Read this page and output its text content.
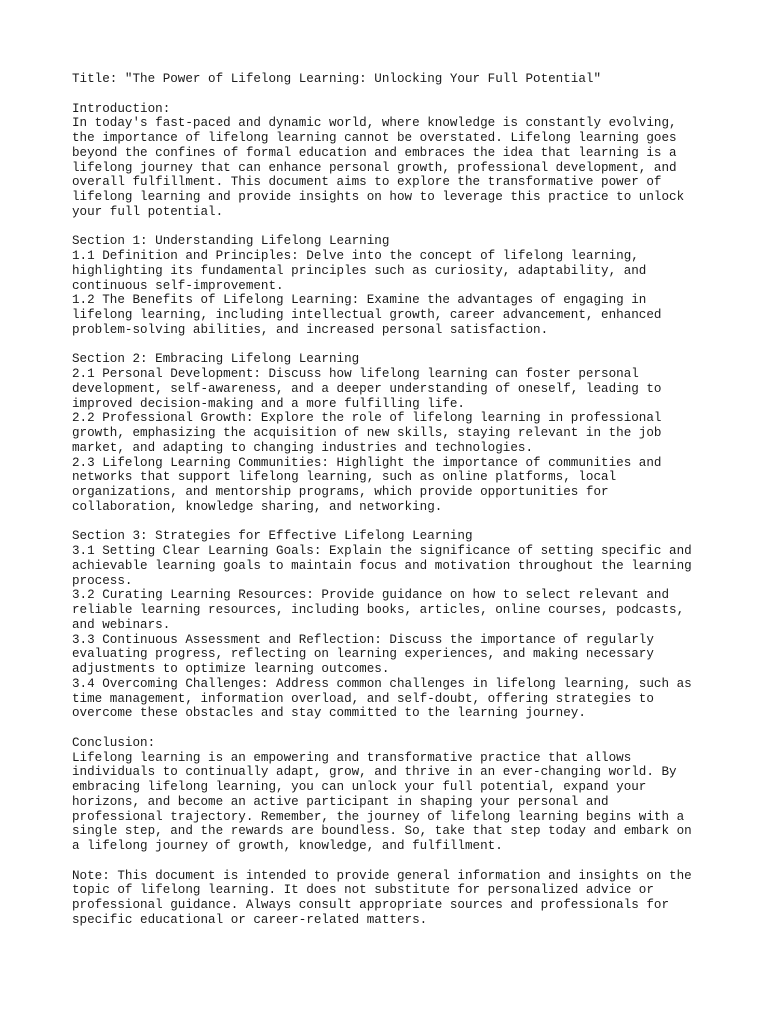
Title: "The Power of Lifelong Learning: Unlocking Your Full Potential"
Introduction:
In today's fast-paced and dynamic world, where knowledge is constantly evolving,
the importance of lifelong learning cannot be overstated. Lifelong learning goes
beyond the confines of formal education and embraces the idea that learning is a
lifelong journey that can enhance personal growth, professional development, and
overall fulfillment. This document aims to explore the transformative power of
lifelong learning and provide insights on how to leverage this practice to unlock
your full potential.
Section 1: Understanding Lifelong Learning
1.1 Definition and Principles: Delve into the concept of lifelong learning,
highlighting its fundamental principles such as curiosity, adaptability, and
continuous self-improvement.
1.2 The Benefits of Lifelong Learning: Examine the advantages of engaging in
lifelong learning, including intellectual growth, career advancement, enhanced
problem-solving abilities, and increased personal satisfaction.
Section 2: Embracing Lifelong Learning
2.1 Personal Development: Discuss how lifelong learning can foster personal
development, self-awareness, and a deeper understanding of oneself, leading to
improved decision-making and a more fulfilling life.
2.2 Professional Growth: Explore the role of lifelong learning in professional
growth, emphasizing the acquisition of new skills, staying relevant in the job
market, and adapting to changing industries and technologies.
2.3 Lifelong Learning Communities: Highlight the importance of communities and
networks that support lifelong learning, such as online platforms, local
organizations, and mentorship programs, which provide opportunities for
collaboration, knowledge sharing, and networking.
Section 3: Strategies for Effective Lifelong Learning
3.1 Setting Clear Learning Goals: Explain the significance of setting specific and
achievable learning goals to maintain focus and motivation throughout the learning
process.
3.2 Curating Learning Resources: Provide guidance on how to select relevant and
reliable learning resources, including books, articles, online courses, podcasts,
and webinars.
3.3 Continuous Assessment and Reflection: Discuss the importance of regularly
evaluating progress, reflecting on learning experiences, and making necessary
adjustments to optimize learning outcomes.
3.4 Overcoming Challenges: Address common challenges in lifelong learning, such as
time management, information overload, and self-doubt, offering strategies to
overcome these obstacles and stay committed to the learning journey.
Conclusion:
Lifelong learning is an empowering and transformative practice that allows
individuals to continually adapt, grow, and thrive in an ever-changing world. By
embracing lifelong learning, you can unlock your full potential, expand your
horizons, and become an active participant in shaping your personal and
professional trajectory. Remember, the journey of lifelong learning begins with a
single step, and the rewards are boundless. So, take that step today and embark on
a lifelong journey of growth, knowledge, and fulfillment.
Note: This document is intended to provide general information and insights on the
topic of lifelong learning. It does not substitute for personalized advice or
professional guidance. Always consult appropriate sources and professionals for
specific educational or career-related matters.
